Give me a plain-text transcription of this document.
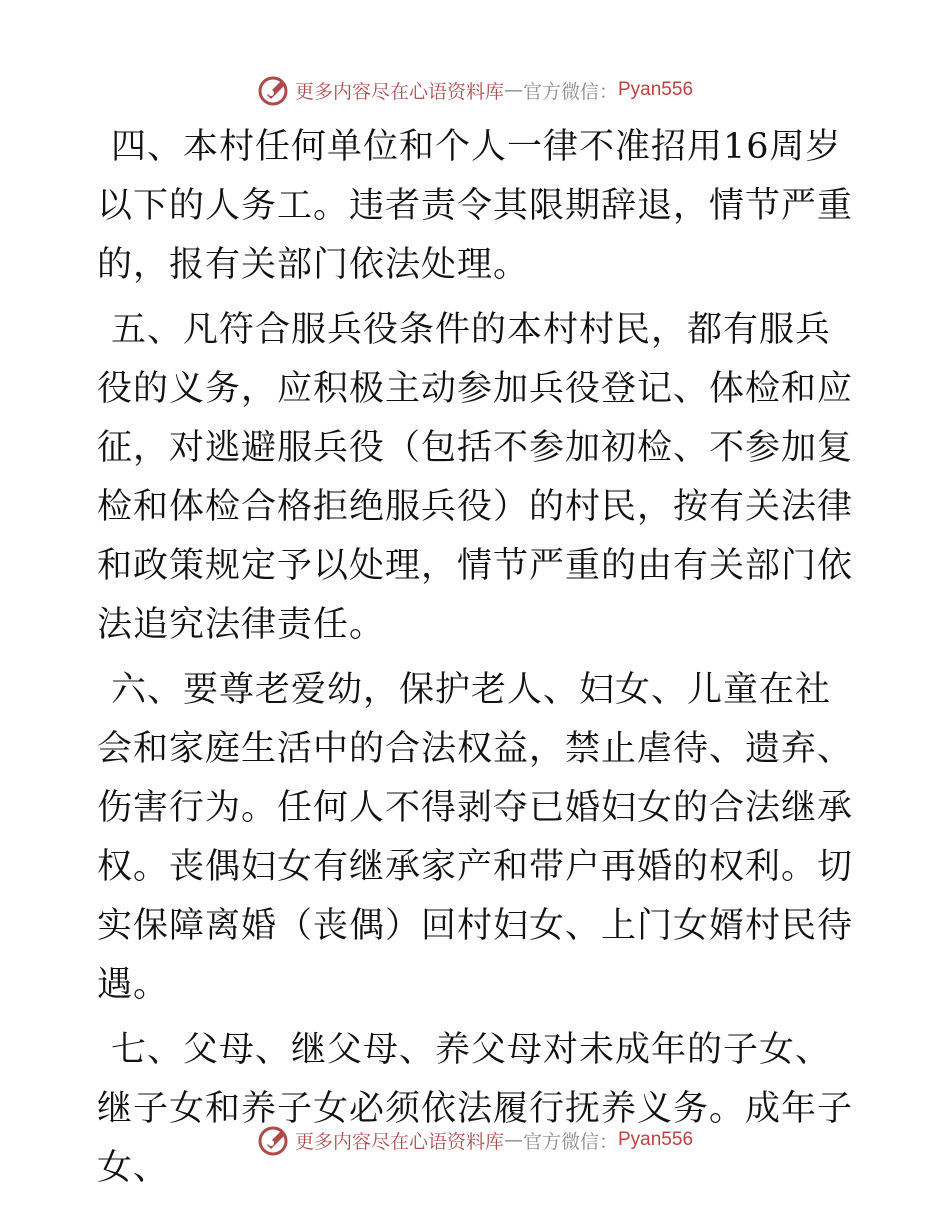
更多内容尽在心语资料库 — 官方微信： Pyan556

四、本村任何单位和个人一律不准招用16周岁以下的人务工。违者责令其限期辞退，情节严重的，报有关部门依法处理。

五、凡符合服兵役条件的本村村民，都有服兵役的义务，应积极主动参加兵役登记、体检和应征，对逃避服兵役（包括不参加初检、不参加复检和体检合格拒绝服兵役）的村民，按有关法律和政策规定予以处理，情节严重的由有关部门依法追究法律责任。

六、要尊老爱幼，保护老人、妇女、儿童在社会和家庭生活中的合法权益，禁止虐待、遗弃、伤害行为。任何人不得剥夺已婚妇女的合法继承权。丧偶妇女有继承家产和带户再婚的权利。切实保障离婚（丧偶）回村妇女、上门女婿村民待遇。

七、父母、继父母、养父母对未成年的子女、继子女和养子女必须依法履行抚养义务。成年子女、

更多内容尽在心语资料库 — 官方微信： Pyan556
